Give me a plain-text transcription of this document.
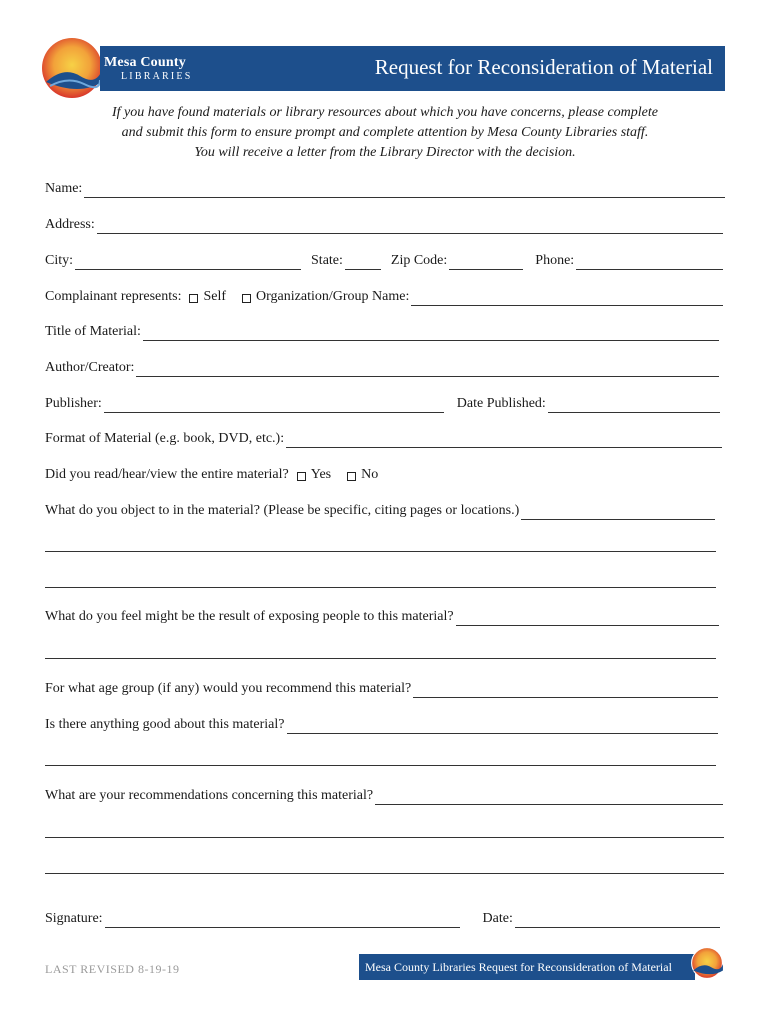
Mesa County
LIBRARIES	Request for Reconsideration of Material
If you have found materials or library resources about which you have concerns, please complete
and submit this form to ensure prompt and complete attention by Mesa County Libraries staff.
You will receive a letter from the Library Director with the decision.
Name:
Address:
City:	State:	Zip Code:	Phone:
Complainant represents: Self Organization/Group Name:
Title of Material:
Author/Creator:
Publisher:	Date Published:
Format of Material (e.g. book, DVD, etc.):
Did you read/hear/view the entire material? Yes No
What do you object to in the material? (Please be specific, citing pages or locations.)
What do you feel might be the result of exposing people to this material?
For what age group (if any) would you recommend this material?
Is there anything good about this material?
What are your recommendations concerning this material?
Signature:	Date:
LAST REVISED 8-19-19	Mesa County Libraries Request for Reconsideration of Material
